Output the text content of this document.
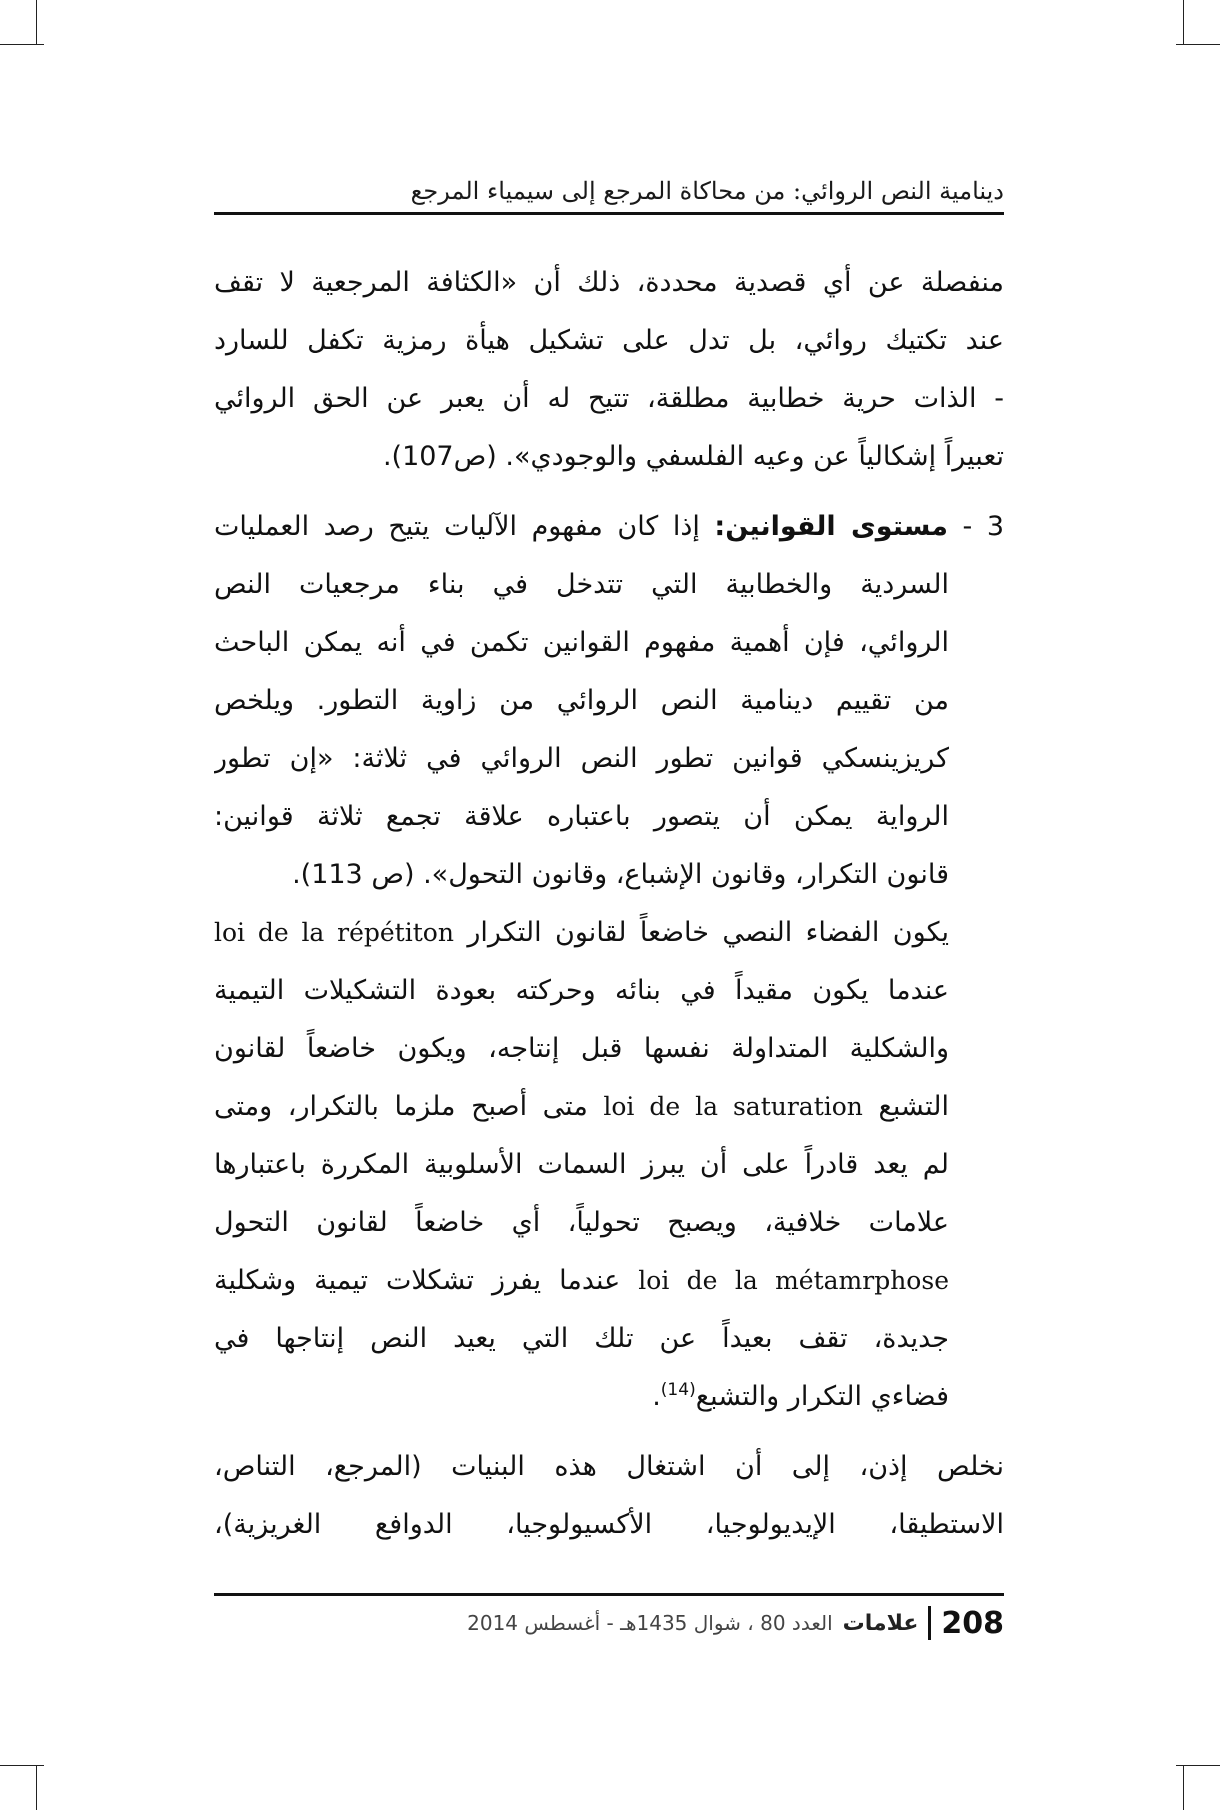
دينامية النص الروائي: من محاكاة المرجع إلى سيمياء المرجع
منفصلة عن أي قصدية محددة، ذلك أن «الكثافة المرجعية لا تقف
عند تكتيك روائي، بل تدل على تشكيل هيأة رمزية تكفل للسارد
- الذات حرية خطابية مطلقة، تتيح له أن يعبر عن الحق الروائي
تعبيراً إشكالياً عن وعيه الفلسفي والوجودي». (ص107).
3 - مستوى القوانين: إذا كان مفهوم الآليات يتيح رصد العمليات
السردية والخطابية التي تتدخل في بناء مرجعيات النص
الروائي، فإن أهمية مفهوم القوانين تكمن في أنه يمكن الباحث
من تقييم دينامية النص الروائي من زاوية التطور. ويلخص
كريزينسكي قوانين تطور النص الروائي في ثلاثة: «إن تطور
الرواية يمكن أن يتصور باعتباره علاقة تجمع ثلاثة قوانين:
قانون التكرار، وقانون الإشباع، وقانون التحول». (ص 113).
يكون الفضاء النصي خاضعاً لقانون التكرار loi de la répétiton
عندما يكون مقيداً في بنائه وحركته بعودة التشكيلات التيمية
والشكلية المتداولة نفسها قبل إنتاجه، ويكون خاضعاً لقانون
التشبع loi de la saturation متى أصبح ملزما بالتكرار، ومتى
لم يعد قادراً على أن يبرز السمات الأسلوبية المكررة باعتبارها
علامات خلافية، ويصبح تحولياً، أي خاضعاً لقانون التحول
loi de la métamrphose عندما يفرز تشكلات تيمية وشكلية
جديدة، تقف بعيداً عن تلك التي يعيد النص إنتاجها في
فضاءي التكرار والتشبع$^{(14)}$.
نخلص إذن، إلى أن اشتغال هذه البنيات (المرجع، التناص،
الاستطيقا، الإيديولوجيا، الأكسيولوجيا، الدوافع الغريزية)،
208
علامات
العدد 80 ، شوال 1435هـ - أغسطس 2014
